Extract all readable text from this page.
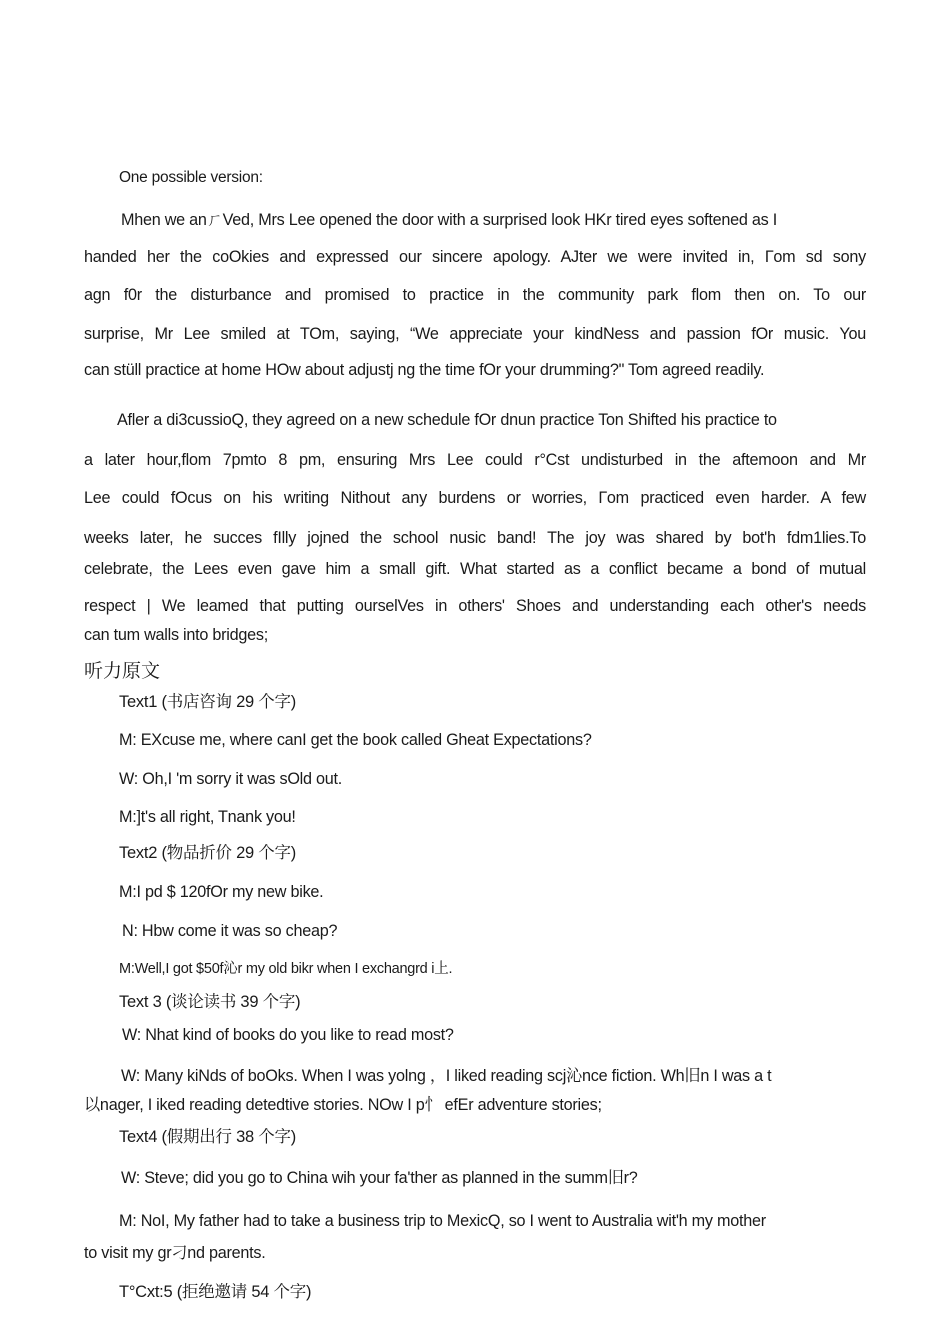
One possible version:
Mhen we anㄏVed, Mrs Lee opened the door with a surprised look HKr tired eyes softened as I
handed her the coOkies and expressed our sincere apology. AJter we were invited in, Гom sd sony
agn f0r the disturbance and promised to practice in the community park flom then on. To our
surprise, Mr Lee smiled at TOm, saying, “We appreciate your kindNess and passion fOr music. You
can stüll practice at home HOw about adjustj ng the time fOr your drumming?" Tom agreed readily.
Afler a di3cussioQ, they agreed on a new schedule fOr dnun practice Ton Shifted his practice to
a later hour,flom 7pmto 8 pm, ensuring Mrs Lee could r°Cst undisturbed in the aftemoon and Mr
Lee could fOcus on his writing Nithout any burdens or worries, Гom practiced even harder. A few
weeks later, he succes fIlly jojned the school nusic band! The joy was shared by bot'h fdm1lies.To
celebrate, the Lees even gave him a small gift. What started as a conflict became a bond of mutual
respect | We leamed that putting ourselVes in others' Shoes and understanding each other's needs
can tum walls into bridges;
听力原文
Text1 (书店咨询 29 个字)
M: EXcuse me, where canI get the book called Gheat Expectations?
W: Oh,I 'm sorry it was sOld out.
M:]t's all right, Tnank you!
Text2 (物品折价 29 个字)
M:I pd $ 120fOr my new bike.
N: Hbw come it was so cheap?
M:Well,I got $50f沁r my old bikr when I exchangrd i上.
Text 3 (谈论读书 39 个字)
W: Nhat kind of books do you like to read most?
W: Many kiNds of boOks. When I was yolng ，I liked reading scj沁nce fiction. Wh旧n I was a t
以nager, I iked reading detedtive stories. NOw I p忄 efEr adventure stories;
Text4 (假期出行 38 个字)
W: Steve; did you go to China wih your fa'ther as planned in the summ旧r?
M: NoI, My father had to take a business trip to MexicQ, so I went to Australia wit'h my mother
to visit my gr刁nd parents.
T°Cxt:5 (拒绝邀请 54 个字)
